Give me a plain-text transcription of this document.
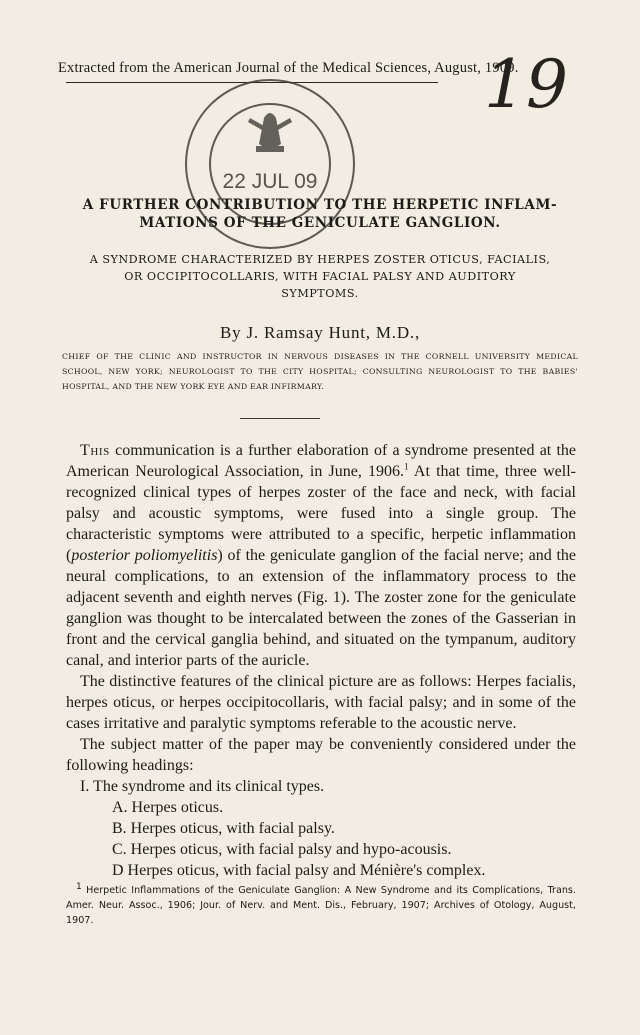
Extracted from the American Journal of the Medical Sciences, August, 1909.
19
22 JUL 09
A FURTHER CONTRIBUTION TO THE HERPETIC INFLAM-
MATIONS OF THE GENICULATE GANGLION.
A SYNDROME CHARACTERIZED BY HERPES ZOSTER OTICUS, FACIALIS,
OR OCCIPITOCOLLARIS, WITH FACIAL PALSY AND AUDITORY
SYMPTOMS.
By J. Ramsay Hunt, M.D.,
CHIEF OF THE CLINIC AND INSTRUCTOR IN NERVOUS DISEASES IN THE CORNELL UNIVERSITY MEDICAL SCHOOL, NEW YORK; NEUROLOGIST TO THE CITY HOSPITAL; CONSULTING NEUROLOGIST TO THE BABIES' HOSPITAL, AND THE NEW YORK EYE AND EAR INFIRMARY.

This communication is a further elaboration of a syndrome presented at the American Neurological Association, in June, 1906.$^1$ At that time, three well-recognized clinical types of herpes zoster of the face and neck, with facial palsy and acoustic symptoms, were fused into a single group. The characteristic symptoms were attributed to a specific, herpetic inflammation (posterior poliomyelitis) of the geniculate ganglion of the facial nerve; and the neural complications, to an extension of the inflammatory process to the adjacent seventh and eighth nerves (Fig. 1). The zoster zone for the geniculate ganglion was thought to be intercalated between the zones of the Gasserian in front and the cervical ganglia behind, and situated on the tympanum, auditory canal, and interior parts of the auricle.

The distinctive features of the clinical picture are as follows: Herpes facialis, herpes oticus, or herpes occipitocollaris, with facial palsy; and in some of the cases irritative and paralytic symptoms referable to the acoustic nerve.

The subject matter of the paper may be conveniently considered under the following headings:

I. The syndrome and its clinical types.
A. Herpes oticus.
B. Herpes oticus, with facial palsy.
C. Herpes oticus, with facial palsy and hypo-acousis.
D Herpes oticus, with facial palsy and Ménière's complex.

$^1$ Herpetic Inflammations of the Geniculate Ganglion: A New Syndrome and its Complications, Trans. Amer. Neur. Assoc., 1906; Jour. of Nerv. and Ment. Dis., February, 1907; Archives of Otology, August, 1907.
